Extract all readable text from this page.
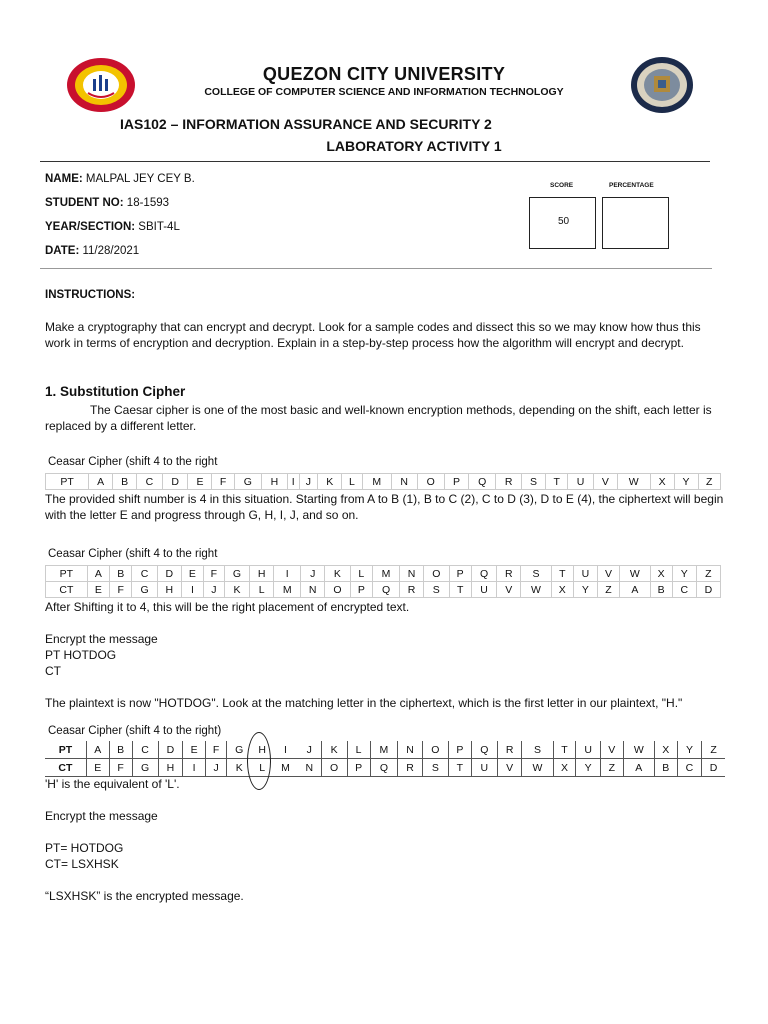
QUEZON CITY UNIVERSITY
COLLEGE OF COMPUTER SCIENCE AND INFORMATION TECHNOLOGY
IAS102 – INFORMATION ASSURANCE AND SECURITY 2
LABORATORY ACTIVITY 1
NAME: MALPAL JEY CEY B.
STUDENT NO: 18-1593
YEAR/SECTION: SBIT-4L
DATE: 11/28/2021
SCORE	PERCENTAGE
50
INSTRUCTIONS:
Make a cryptography that can encrypt and decrypt. Look for a sample codes and dissect this so we may know how thus this work in terms of encryption and decryption. Explain in a step-by-step process how the algorithm will encrypt and decrypt.
1. Substitution Cipher
The Caesar cipher is one of the most basic and well-known encryption methods, depending on the shift, each letter is replaced by a different letter.
Ceasar Cipher (shift 4 to the right
PT	A	B	C	D	E	F	G	H	I	J	K	L	M	N	O	P	Q	R	S	T	U	V	W	X	Y	Z
The provided shift number is 4 in this situation. Starting from A to B (1), B to C (2), C to D (3), D to E (4), the ciphertext will begin with the letter E and progress through G, H, I, J, and so on.
Ceasar Cipher (shift 4 to the right
PT	A	B	C	D	E	F	G	H	I	J	K	L	M	N	O	P	Q	R	S	T	U	V	W	X	Y	Z
CT	E	F	G	H	I	J	K	L	M	N	O	P	Q	R	S	T	U	V	W	X	Y	Z	A	B	C	D
After Shifting it to 4, this will be the right placement of encrypted text.
Encrypt the message
PT HOTDOG
CT
The plaintext is now "HOTDOG". Look at the matching letter in the ciphertext, which is the first letter in our plaintext, "H."
Ceasar Cipher (shift 4 to the right)
PT	A	B	C	D	E	F	G	H	I	J	K	L	M	N	O	P	Q	R	S	T	U	V	W	X	Y	Z
CT	E	F	G	H	I	J	K	L	M	N	O	P	Q	R	S	T	U	V	W	X	Y	Z	A	B	C	D
'H' is the equivalent of 'L'.
Encrypt the message
PT= HOTDOG
CT= LSXHSK
“LSXHSK” is the encrypted message.
